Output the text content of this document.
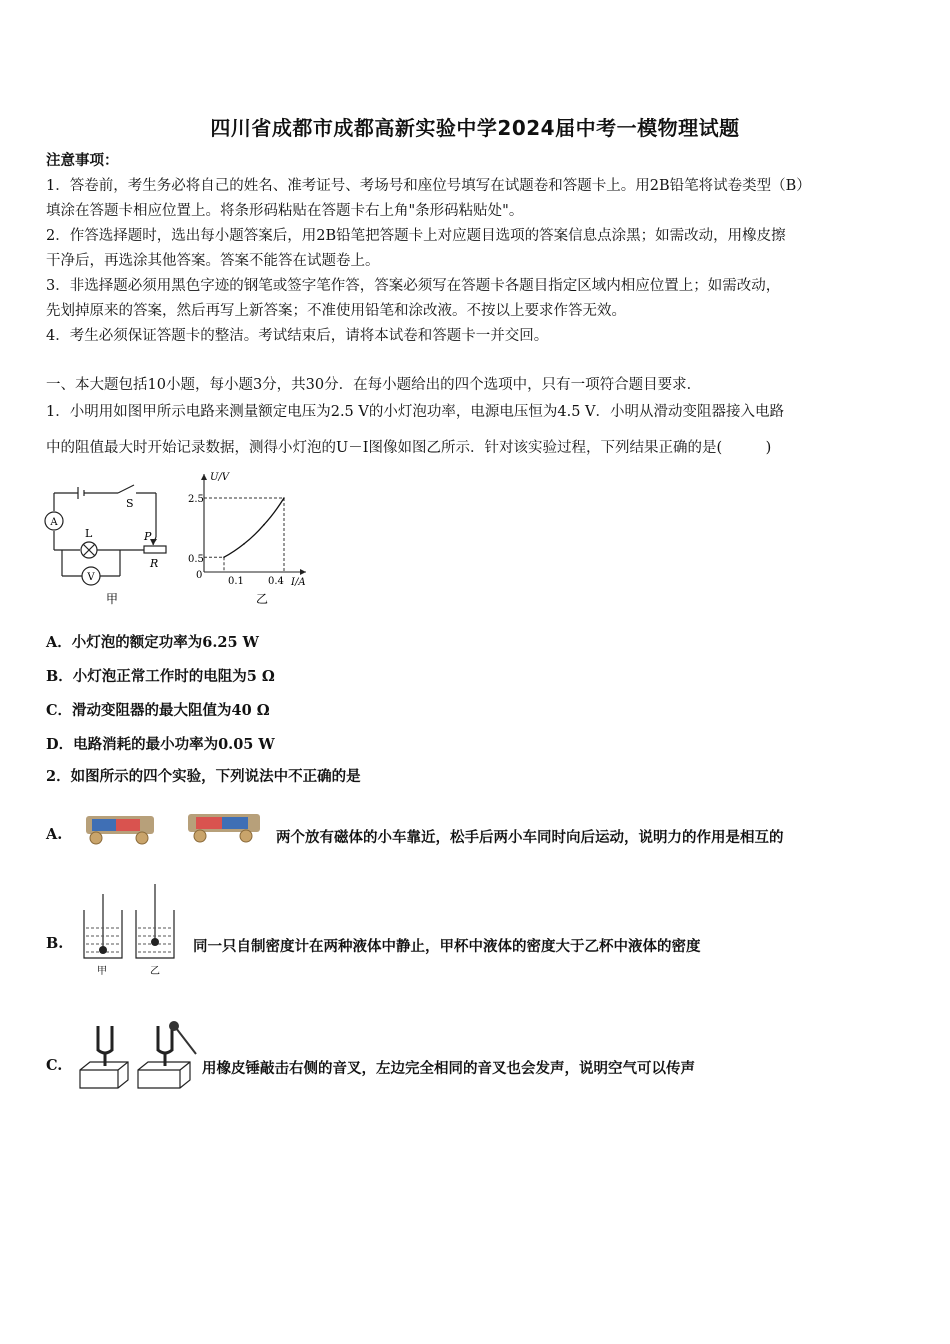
四川省成都市成都高新实验中学2024届中考一模物理试题
注意事项：
1．答卷前，考生务必将自己的姓名、准考证号、考场号和座位号填写在试题卷和答题卡上。用2B铅笔将试卷类型（B）
填涂在答题卡相应位置上。将条形码粘贴在答题卡右上角"条形码粘贴处"。
2．作答选择题时，选出每小题答案后，用2B铅笔把答题卡上对应题目选项的答案信息点涂黑；如需改动，用橡皮擦
干净后，再选涂其他答案。答案不能答在试题卷上。
3．非选择题必须用黑色字迹的钢笔或签字笔作答，答案必须写在答题卡各题目指定区域内相应位置上；如需改动，
先划掉原来的答案，然后再写上新答案；不准使用铅笔和涂改液。不按以上要求作答无效。
4．考生必须保证答题卡的整洁。考试结束后，请将本试卷和答题卡一并交回。
一、本大题包括10小题，每小题3分，共30分．在每小题给出的四个选项中，只有一项符合题目要求．
1．小明用如图甲所示电路来测量额定电压为2.5 V的小灯泡功率，电源电压恒为4.5 V．小明从滑动变阻器接入电路
中的阻值最大时开始记录数据，测得小灯泡的U－I图像如图乙所示．针对该实验过程，下列结果正确的是(　　　)
A
V
S
L	P
R
甲
U/V
I/A
0
2.5
0.5
0.1 0.4
乙
A．小灯泡的额定功率为6.25 W
B．小灯泡正常工作时的电阻为5 Ω
C．滑动变阻器的最大阻值为40 Ω
D．电路消耗的最小功率为0.05 W
2．如图所示的四个实验，下列说法中不正确的是
A.	两个放有磁体的小车靠近，松手后两小车同时向后运动，说明力的作用是相互的
B.
甲	乙
同一只自制密度计在两种液体中静止，甲杯中液体的密度大于乙杯中液体的密度
C.	用橡皮锤敲击右侧的音叉，左边完全相同的音叉也会发声，说明空气可以传声
